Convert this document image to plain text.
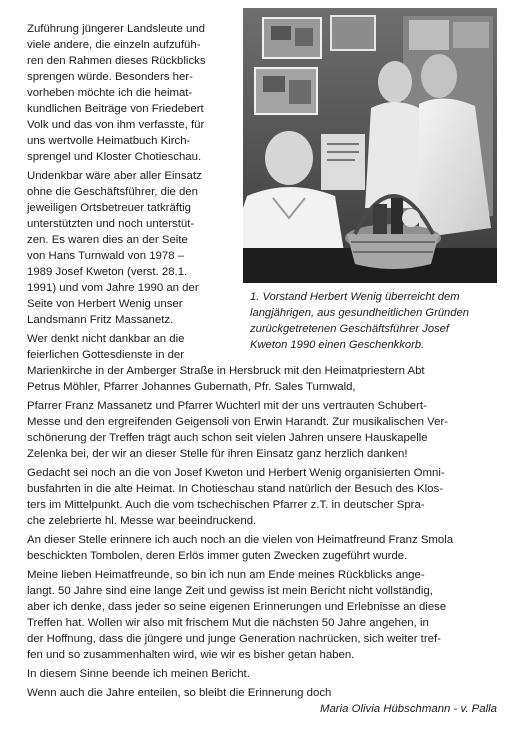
Zuführung jüngerer Landsleute und
viele andere, die einzeln aufzufüh-
ren den Rahmen dieses Rückblicks
sprengen würde. Besonders her-
vorheben möchte ich die heimat-
kundlichen Beiträge von Friedebert
Volk und das von ihm verfasste, für
uns wertvolle Heimatbuch Kirch-
sprengel und Kloster Chotieschau.
Undenkbar wäre aber aller Einsatz
ohne die Geschäftsführer, die den
jeweiligen Ortsbetreuer tatkräftig
unterstützten und noch unterstüt-
zen. Es waren dies an der Seite
von Hans Turnwald von 1978 –
1989 Josef Kweton (verst. 28.1.
1991) und vom Jahre 1990 an der
Seite von Herbert Wenig unser
Landsmann Fritz Massanetz.
Wer denkt nicht dankbar an die
feierlichen Gottesdienste in der
1. Vorstand Herbert Wenig überreicht dem
langjährigen, aus gesundheitlichen Gründen
zurückgetretenen Geschäftsführer Josef
Kweton 1990 einen Geschenkkorb.
Marienkirche in der Amberger Straße in Hersbruck mit den Heimatpriestern Abt
Petrus Möhler, Pfarrer Johannes Gubernath, Pfr. Sales Turnwald,
Pfarrer Franz Massanetz und Pfarrer Wuchterl mit der uns vertrauten Schubert-
Messe und den ergreifenden Geigensoli von Erwin Harandt. Zur musikalischen Ver-
schönerung der Treffen trägt auch schon seit vielen Jahren unsere Hauskapelle
Zelenka bei, der wir an dieser Stelle für ihren Einsatz ganz herzlich danken!
Gedacht sei noch an die von Josef Kweton und Herbert Wenig organisierten Omni-
busfahrten in die alte Heimat. In Chotieschau stand natürlich der Besuch des Klos-
ters im Mittelpunkt. Auch die vom tschechischen Pfarrer z.T. in deutscher Spra-
che zelebrierte hl. Messe war beeindruckend.
An dieser Stelle erinnere ich auch noch an die vielen von Heimatfreund Franz Smola
beschickten Tombolen, deren Erlös immer guten Zwecken zugeführt wurde.
Meine lieben Heimatfreunde, so bin ich nun am Ende meines Rückblicks ange-
langt. 50 Jahre sind eine lange Zeit und gewiss ist mein Bericht nicht vollständig,
aber ich denke, dass jeder so seine eigenen Erinnerungen und Erlebnisse an diese
Treffen hat. Wollen wir also mit frischem Mut die nächsten 50 Jahre angehen, in
der Hoffnung, dass die jüngere und junge Generation nachrücken, sich weiter tref-
fen und so zusammenhalten wird, wie wir es bisher getan haben.
In diesem Sinne beende ich meinen Bericht.
Wenn auch die Jahre enteilen, so bleibt die Erinnerung doch
Maria Olivia Hübschmann - v. Palla
